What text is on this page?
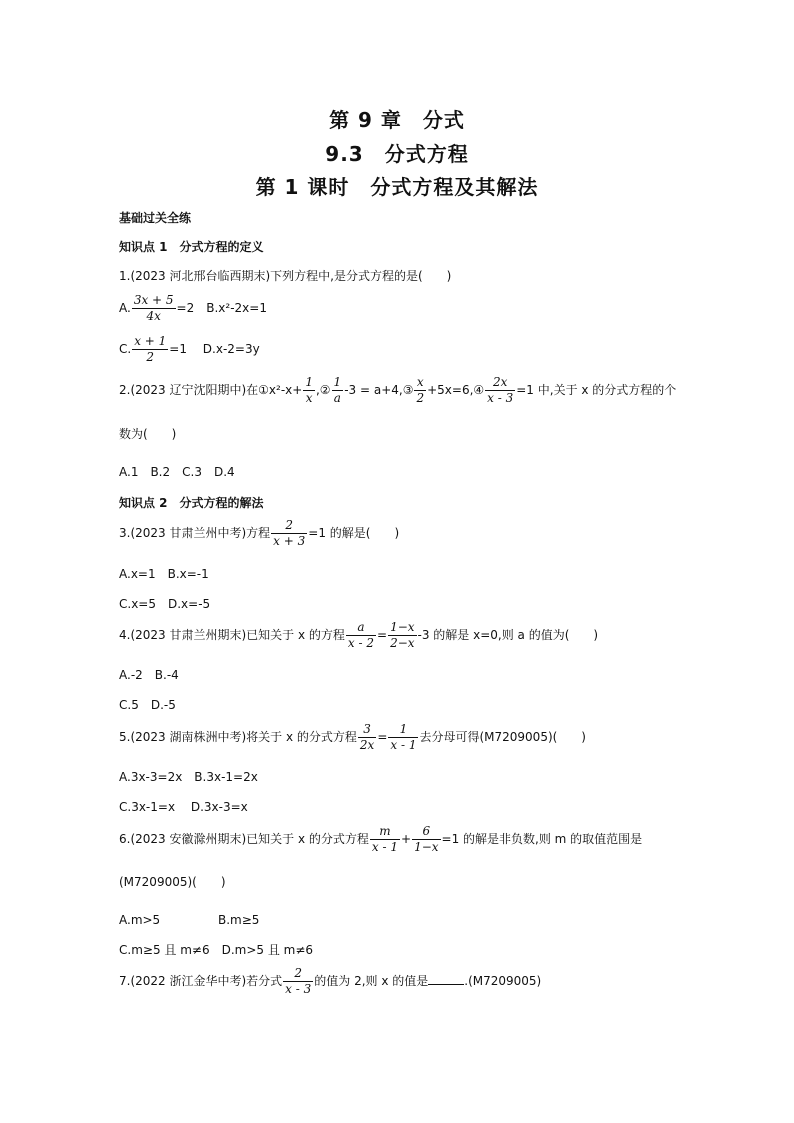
第 9 章　分式
9.3　分式方程
第 1 课时　分式方程及其解法
基础过关全练
知识点 1　分式方程的定义
1.(2023 河北邢台临西期末)下列方程中,是分式方程的是(　　)
A. $\frac{3x + 5}{4x} =2$　B.x²-2x=1
C. $\frac{x + 1}{2} =1$　 D.x-2=3y
2.(2023 辽宁沈阳期中)在①x²-x+ $\frac{1}{x}$ ,② $\frac{1}{a} -3$ = a+4,③ $\frac{x}{2}$ +5x=6,④ $\frac{2x}{x - 3} =1$ 中,关于 x 的分式方程的个
数为(　　)
A.1　B.2　C.3　D.4
知识点 2　分式方程的解法
3.(2023 甘肃兰州中考)方程 $\frac{2}{x + 3} =1$ 的解是(　　)
A.x=1　B.x=-1
C.x=5　D.x=-5
4.(2023 甘肃兰州期末)已知关于 x 的方程 $\frac{a}{x - 2} = \frac{1-x}{2-x} -3$ 的解是 x=0,则 a 的值为(　　)
A.-2　B.-4
C.5　D.-5
5.(2023 湖南株洲中考)将关于 x 的分式方程 $\frac{3}{2x} = \frac{1}{x - 1}$ 去分母可得(M7209005)(　　)
A.3x-3=2x　B.3x-1=2x
C.3x-1=x　 D.3x-3=x
6.(2023 安徽滁州期末)已知关于 x 的分式方程 $\frac{m}{x - 1} + \frac{6}{1-x} =1$ 的解是非负数,则 m 的取值范围是
(M7209005)(　　)
A.m>5	B.m≥5
C.m≥5 且 m≠6　D.m>5 且 m≠6
7.(2022 浙江金华中考)若分式 $\frac{2}{x - 3}$ 的值为 2,则 x 的值是	.(M7209005)
